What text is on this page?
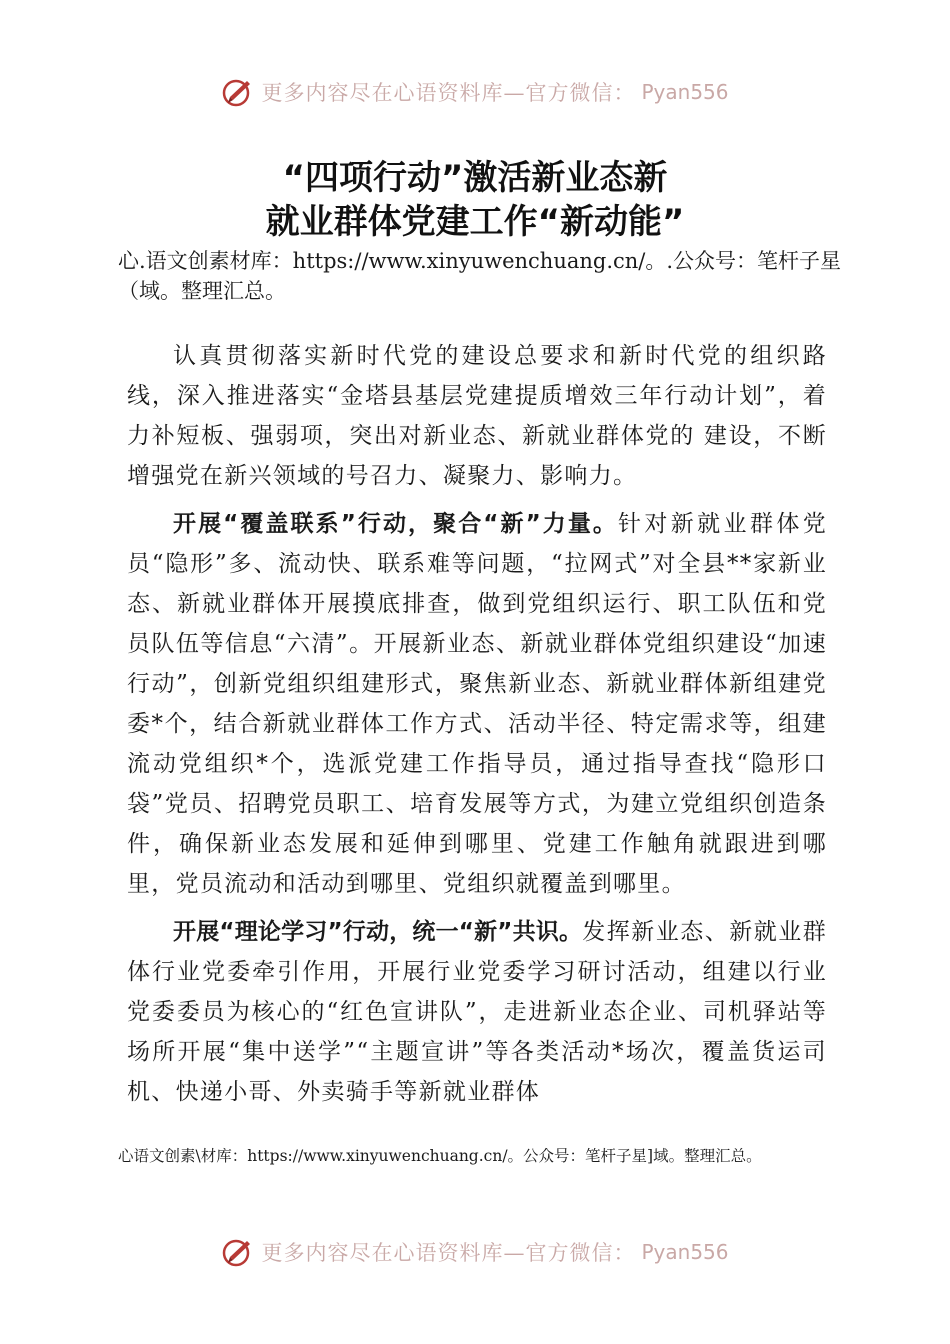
更多内容尽在心语资料库—官方微信： Pyan556
“四项行动”激活新业态新
就业群体党建工作“新动能”

心.语文创素材库：https://www.xinyuwenchuang.cn/。.公众号：笔杆子星（域。整理汇总。

认真贯彻落实新时代党的建设总要求和新时代党的组织路线，深入推进落实“金塔县基层党建提质增效三年行动计划”，着力补短板、强弱项，突出对新业态、新就业群体党的 建设，不断增强党在新兴领域的号召力、凝聚力、影响力。

开展“覆盖联系”行动，聚合“新”力量。针对新就业群体党员“隐形”多、流动快、联系难等问题，“拉网式”对全县**家新业态、新就业群体开展摸底排查，做到党组织运行、职工队伍和党员队伍等信息“六清”。开展新业态、新就业群体党组织建设“加速行动”，创新党组织组建形式，聚焦新业态、新就业群体新组建党委*个，结合新就业群体工作方式、活动半径、特定需求等，组建流动党组织*个，选派党建工作指导员，通过指导查找“隐形口袋”党员、招聘党员职工、培育发展等方式，为建立党组织创造条件，确保新业态发展和延伸到哪里、党建工作触角就跟进到哪里，党员流动和活动到哪里、党组织就覆盖到哪里。

开展“理论学习”行动，统一“新”共识。发挥新业态、新就业群体行业党委牵引作用，开展行业党委学习研讨活动，组建以行业党委委员为核心的“红色宣讲队”，走进新业态企业、司机驿站等场所开展“集中送学”“主题宣讲”等各类活动*场次，覆盖货运司机、快递小哥、外卖骑手等新就业群体

心语文创素\材库：https://www.xinyuwenchuang.cn/。公众号：笔杆子星]域。整理汇总。

更多内容尽在心语资料库—官方微信： Pyan556
